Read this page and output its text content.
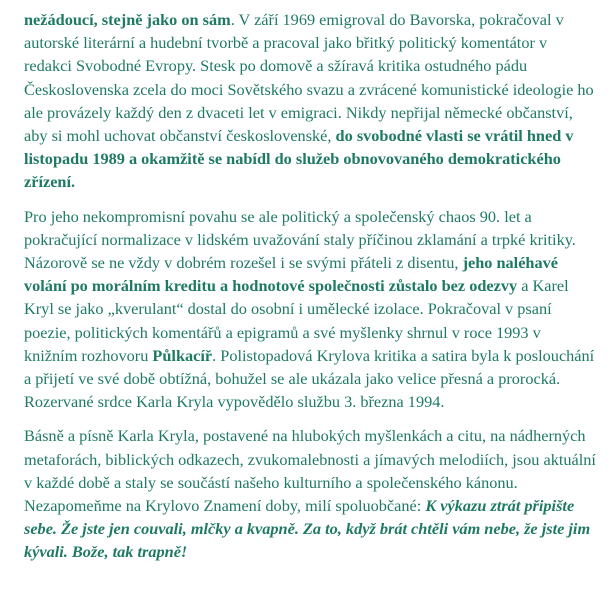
nežádoucí, stejně jako on sám. V září 1969 emigroval do Bavorska, pokračoval v autorské literární a hudební tvorbě a pracoval jako břitký politický komentátor v redakci Svobodné Evropy. Stesk po domově a sžíravá kritika ostudného pádu Československa zcela do moci Sovětského svazu a zvrácené komunistické ideologie ho ale provázely každý den z dvaceti let v emigraci. Nikdy nepřijal německé občanství, aby si mohl uchovat občanství československé, do svobodné vlasti se vrátil hned v listopadu 1989 a okamžitě se nabídl do služeb obnovovaného demokratického zřízení.

Pro jeho nekompromisní povahu se ale politický a společenský chaos 90. let a pokračující normalizace v lidském uvažování staly příčinou zklamání a trpké kritiky. Názorově se ne vždy v dobrém rozešel i se svými přáteli z disentu, jeho naléhavé volání po morálním kreditu a hodnotové společnosti zůstalo bez odezvy a Karel Kryl se jako „kverulant“ dostal do osobní i umělecké izolace. Pokračoval v psaní poezie, politických komentářů a epigramů a své myšlenky shrnul v roce 1993 v knižním rozhovoru Půlkacíř. Polistopadová Krylova kritika a satira byla k poslouchání a přijetí ve své době obtížná, bohužel se ale ukázala jako velice přesná a prorocká. Rozervané srdce Karla Kryla vypovědělo službu 3. března 1994.

Básně a písně Karla Kryla, postavené na hlubokých myšlenkách a citu, na nádherných metaforách, biblických odkazech, zvukomalebnosti a jímavých melodiích, jsou aktuální v každé době a staly se součástí našeho kulturního a společenského kánonu. Nezapomeňme na Krylovo Znamení doby, milí spoluobčané: K výkazu ztrát připište sebe. Že jste jen couvali, mlčky a kvapně. Za to, když brát chtěli vám nebe, že jste jim kývali. Bože, tak trapně!
